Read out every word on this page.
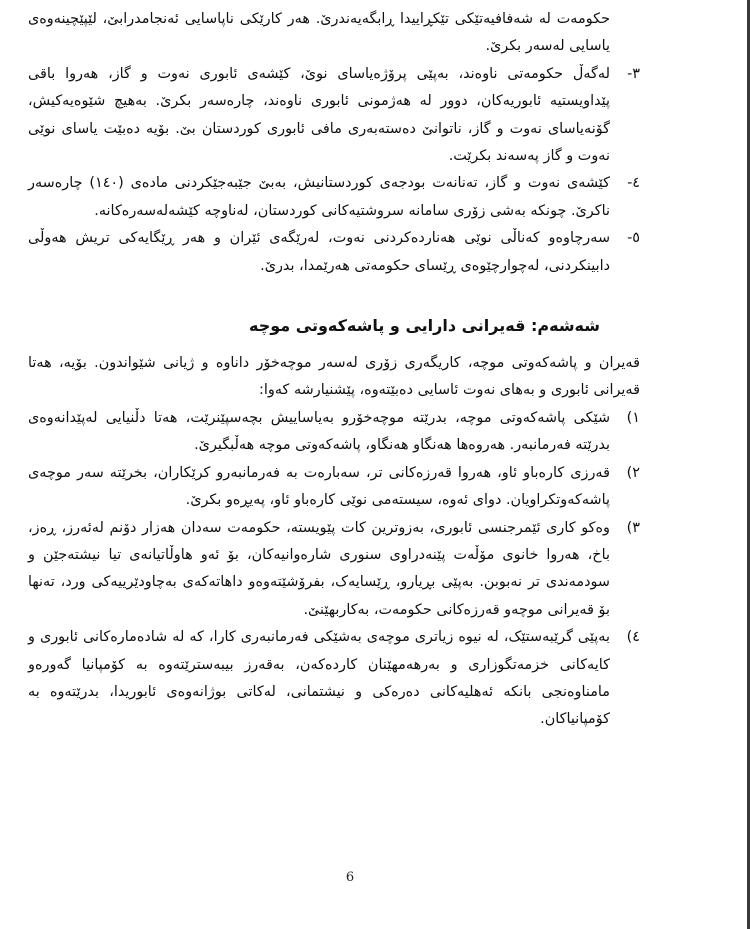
حکومەت لە شەفافیەتێکی تێکڕاییدا ڕابگەیەندرێ. هەر کارێکی ناپاسایی ئەنجامدرابێ، لێپێچینەوەی یاسایی لەسەر بکرێ.
٣-
لەگەڵ حکومەتی ناوەند، بەپێی پرۆژەیاسای نوێ، کێشەی ئابوری نەوت و گاز، هەروا باقی پێداویستیە ئابوریەکان، دوور لە هەژمونی ئابوری ناوەند، چارەسەر بکرێ. بەهیچ شێوەیەکیش، گۆنەیاسای نەوت و گاز، ناتوانێ دەستەبەری مافی ئابوری کوردستان بێ. بۆیە دەبێت یاسای نوێی نەوت و گاز پەسەند بکرێت.
٤-
کێشەی نەوت و گاز، تەنانەت بودجەی کوردستانیش، بەبێ جێبەجێکردنی مادەی (١٤٠) چارەسەر ناکرێ. چونکە بەشی زۆری سامانە سروشتیەکانی کوردستان، لەناوچە کێشەلەسەرەکانە.
٥-
سەرچاوەو کەناڵی نوێی هەناردەکردنی نەوت، لەرێگەی ئێران و هەر ڕێگایەکی تریش هەوڵی دابینکردنی، لەچوارچێوەی ڕێسای حکومەتی هەرێمدا، بدرێ.
شەشەم: قەیرانی دارایی و پاشەکەوتی موچە

قەیران و پاشەکەوتی موچە، کاریگەری زۆری لەسەر موچەخۆر داناوە و ژیانی شێواندون. بۆیە، هەتا قەیرانی ئابوری و بەهای نەوت ئاسایی دەبێتەوە، پێشنیارشە کەوا:

١)
شێکی پاشەکەوتی موچە، بدرێتە موچەخۆرو بەیاساییش بچەسپێنرێت، هەتا دڵنیایی لەپێدانەوەی بدرێتە فەرمانبەر. هەروەها هەنگاو هەنگاو، پاشەکەوتی موچە هەڵبگیرێ.
٢)
قەرزی کارەباو ئاو، هەروا قەرزەکانی تر، سەبارەت بە فەرمانبەرو کرێکاران، بخرێتە سەر موچەی پاشەکەوتکراویان. دوای ئەوە، سیستەمی نوێی کارەباو ئاو، پەیڕەو بکرێ.
٣)
وەکو کاری ئێمرجنسی ئابوری، بەزوترین کات پێویستە، حکومەت سەدان هەزار دۆنم لەئەرز، ڕەز، باخ، هەروا خانوی مۆڵەت پێنەدراوی سنوری شارەوانیەکان، بۆ ئەو هاوڵاتیانەی تیا نیشتەجێن و سودمەندی تر نەبوبن. بەپێی بڕیارو، ڕێسایەک، بفرۆشێتەوەو داهاتەکەی بەچاودێرییەکی ورد، تەنها بۆ قەیرانی موچەو قەرزەکانی حکومەت، بەکاربهێنێ.
٤)
بەپێی گرێبەستێک، لە نیوە زیاتری موچەی بەشێکی فەرمانبەری کارا، کە لە شادەمارەکانی ئابوری و کایەکانی خزمەتگوزاری و بەرهەمهێنان کاردەکەن، بەقەرز بیبەسترێتەوە بە کۆمپانیا گەورەو مامناوەنجی بانکە ئەهلیەکانی دەرەکی و نیشتمانی، لەکاتی بوژانەوەی ئابوریدا، بدرێتەوە بە کۆمپانیاکان.
6
